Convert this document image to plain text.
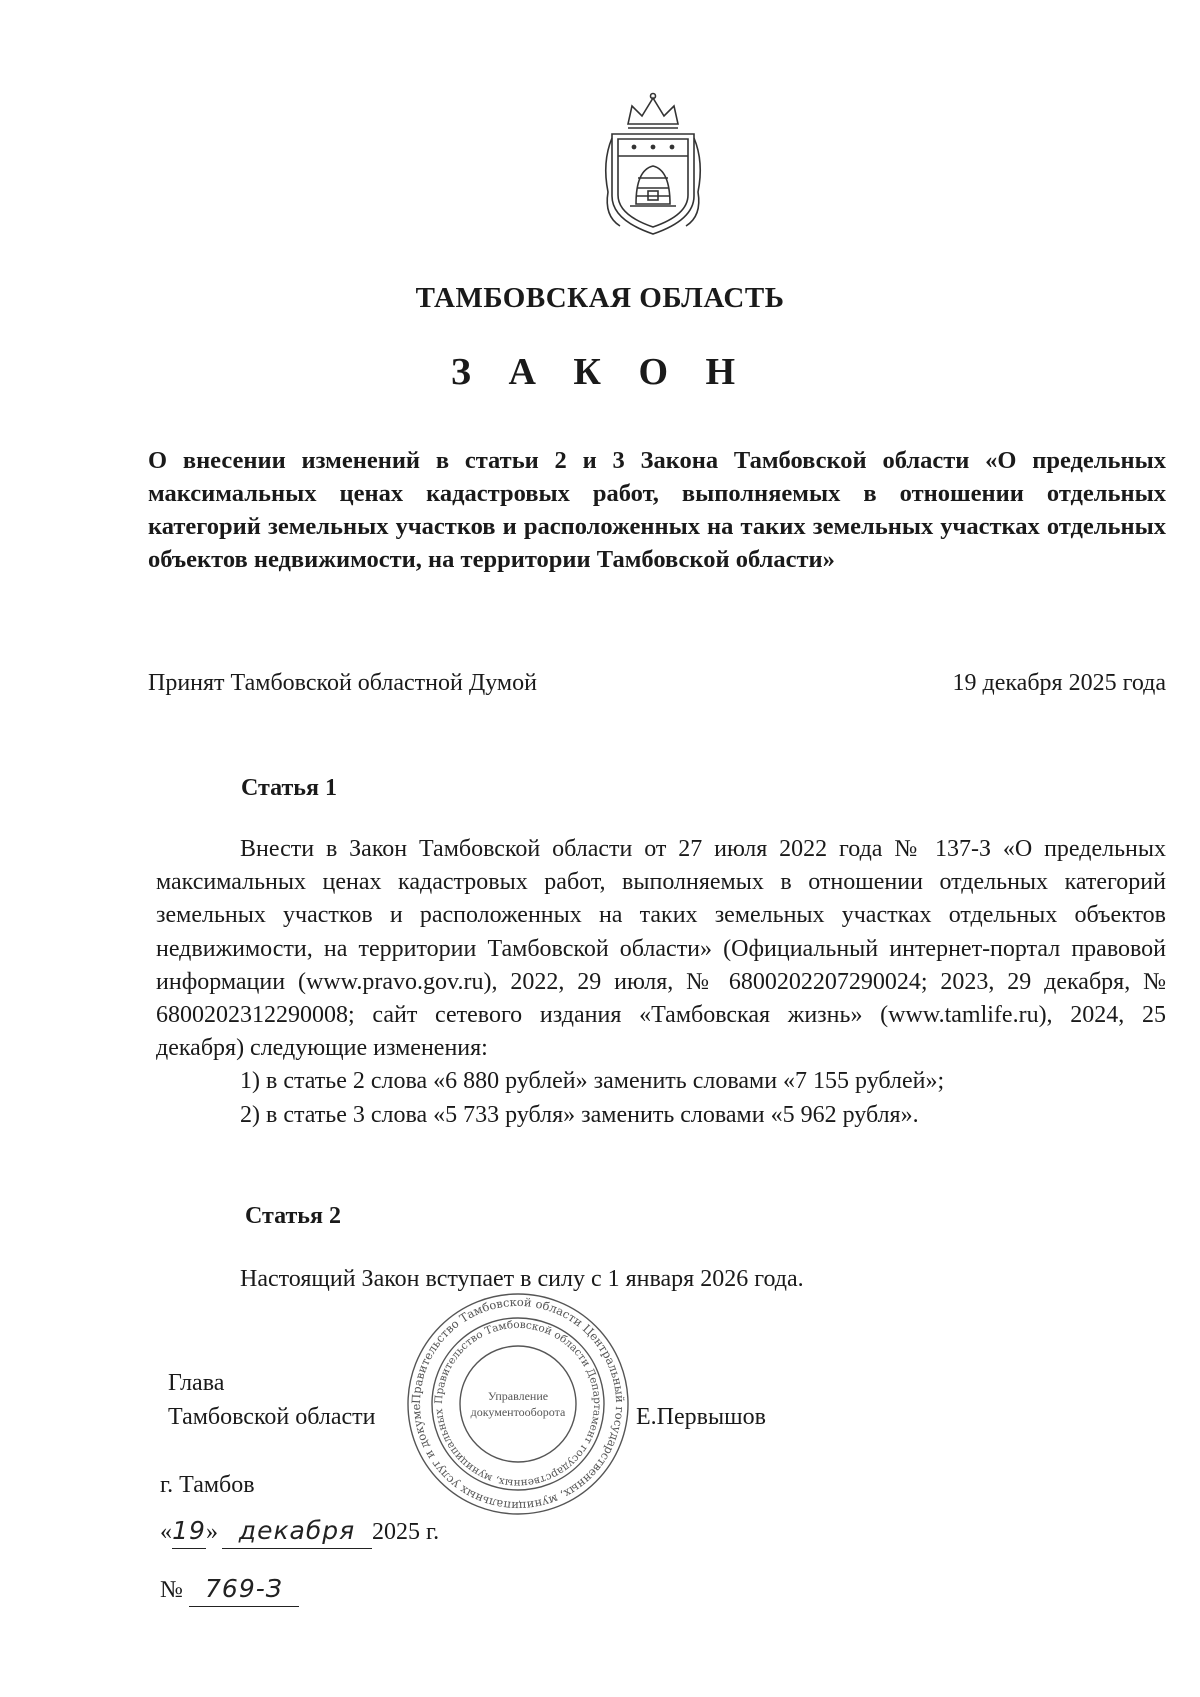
ТАМБОВСКАЯ ОБЛАСТЬ
З А К О Н
О внесении изменений в статьи 2 и 3 Закона Тамбовской области «О предельных максимальных ценах кадастровых работ, выполняемых в отношении отдельных категорий земельных участков и расположенных на таких земельных участках отдельных объектов недвижимости, на территории Тамбовской области»
Принят Тамбовской областной Думой	19 декабря 2025 года
Статья 1

Внести в Закон Тамбовской области от 27 июля 2022 года № 137-З «О предельных максимальных ценах кадастровых работ, выполняемых в отношении отдельных категорий земельных участков и расположенных на таких земельных участках отдельных объектов недвижимости, на территории Тамбовской области» (Официальный интернет-портал правовой информации (www.pravo.gov.ru), 2022, 29 июля, № 6800202207290024; 2023, 29 декабря, № 6800202312290008; сайт сетевого издания «Тамбовская жизнь» (www.tamlife.ru), 2024, 25 декабря) следующие изменения:

1) в статье 2 слова «6 880 рублей» заменить словами «7 155 рублей»;

2) в статье 3 слова «5 733 рубля» заменить словами «5 962 рубля».

Статья 2

Настоящий Закон вступает в силу с 1 января 2026 года.

Глава
Тамбовской области	Е.Первышов
г. Тамбов
«19» декабря 2025 г.
№ 769-З
Правительство Тамбовской области Центральный государственных, муниципальных услуг и докуме
Правительство Тамбовской области Департамент государственных, муниципальных
Управление
документооборота
